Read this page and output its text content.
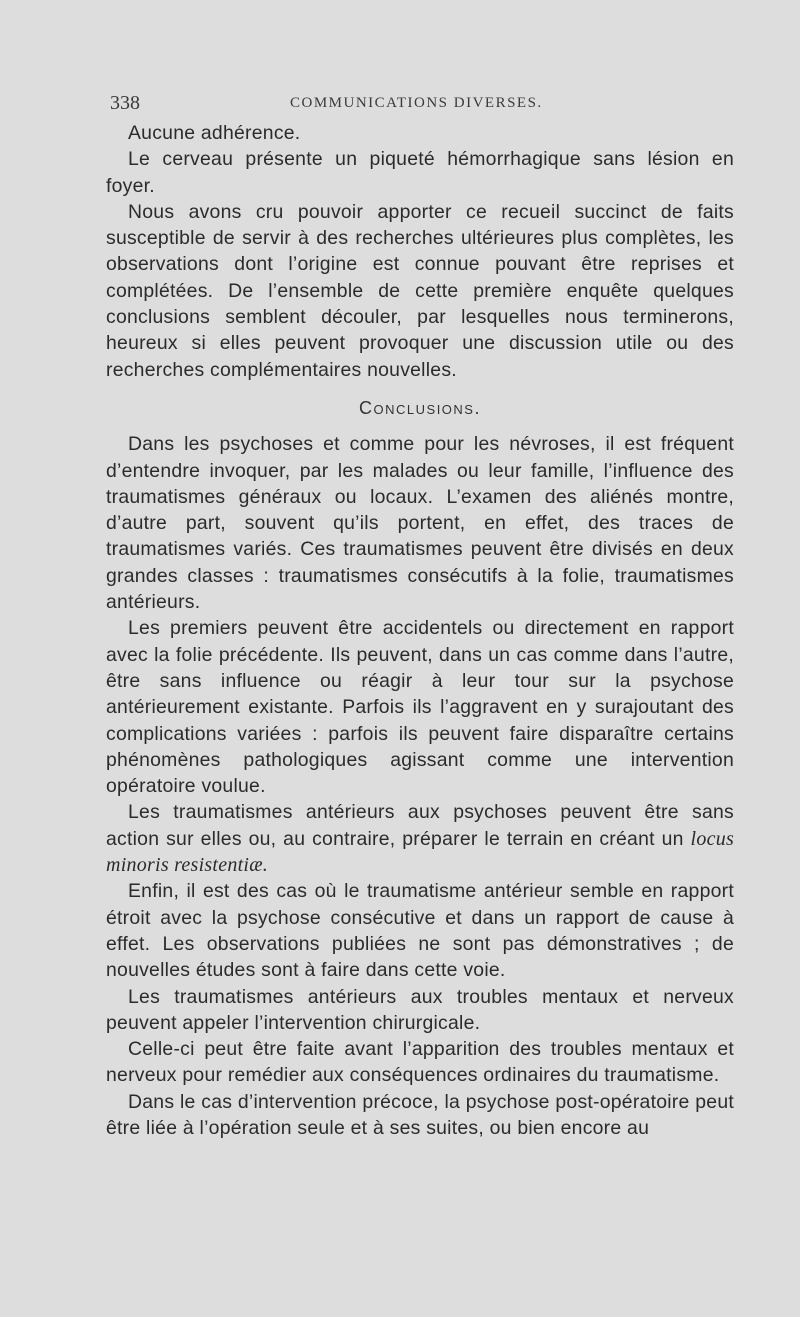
338	COMMUNICATIONS DIVERSES.

Aucune adhérence.

Le cerveau présente un piqueté hémorrhagique sans lésion en foyer.

Nous avons cru pouvoir apporter ce recueil succinct de faits susceptible de servir à des recherches ultérieures plus complètes, les observations dont l’origine est connue pouvant être reprises et complétées. De l’ensemble de cette première enquête quelques conclusions semblent découler, par lesquelles nous terminerons, heureux si elles peuvent provoquer une discussion utile ou des recherches complémentaires nouvelles.

Conclusions.

Dans les psychoses et comme pour les névroses, il est fréquent d’entendre invoquer, par les malades ou leur famille, l’influence des traumatismes généraux ou locaux. L’examen des aliénés montre, d’autre part, souvent qu’ils portent, en effet, des traces de traumatismes variés. Ces traumatismes peuvent être divisés en deux grandes classes : traumatismes consécutifs à la folie, traumatismes antérieurs.

Les premiers peuvent être accidentels ou directement en rapport avec la folie précédente. Ils peuvent, dans un cas comme dans l’autre, être sans influence ou réagir à leur tour sur la psychose antérieurement existante. Parfois ils l’aggravent en y surajoutant des complications variées : parfois ils peuvent faire disparaître certains phénomènes pathologiques agissant comme une intervention opératoire voulue.

Les traumatismes antérieurs aux psychoses peuvent être sans action sur elles ou, au contraire, préparer le terrain en créant un locus minoris resistentiæ.

Enfin, il est des cas où le traumatisme antérieur semble en rapport étroit avec la psychose consécutive et dans un rapport de cause à effet. Les observations publiées ne sont pas démonstratives ; de nouvelles études sont à faire dans cette voie.

Les traumatismes antérieurs aux troubles mentaux et nerveux peuvent appeler l’intervention chirurgicale.

Celle-ci peut être faite avant l’apparition des troubles mentaux et nerveux pour remédier aux conséquences ordinaires du traumatisme.

Dans le cas d’intervention précoce, la psychose post-opératoire peut être liée à l’opération seule et à ses suites, ou bien encore au
